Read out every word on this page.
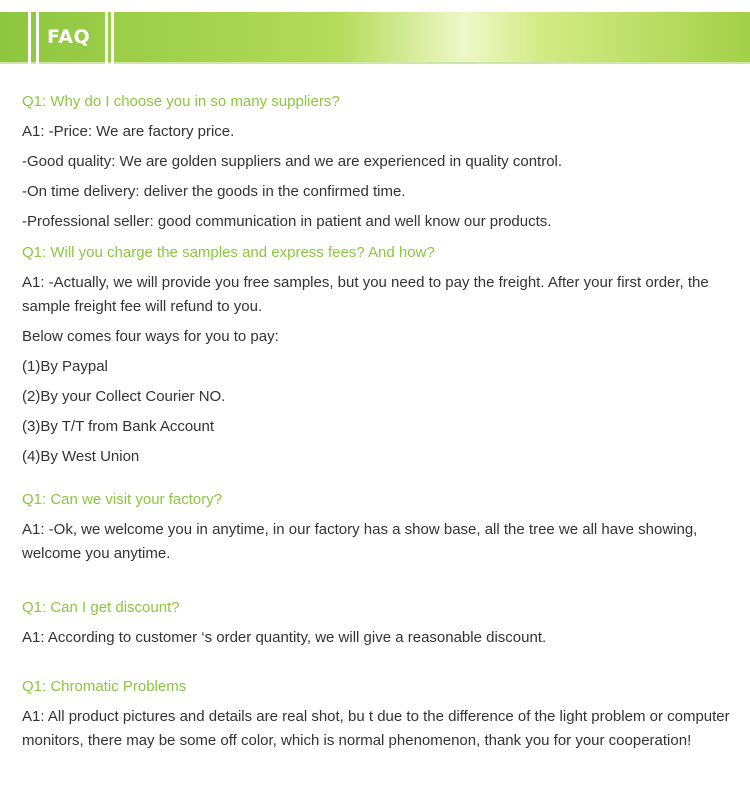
FAQ
Q1: Why do I choose you in so many suppliers?
A1: -Price: We are factory price.
-Good quality: We are golden suppliers and we are experienced in quality control.
-On time delivery: deliver the goods in the confirmed time.
-Professional seller: good communication in patient and well know our products.
Q1: Will you charge the samples and express fees? And how?
A1: -Actually, we will provide you free samples, but you need to pay the freight. After your first order, the sample freight fee will refund to you.
Below comes four ways for you to pay:
(1)By Paypal
(2)By your Collect Courier NO.
(3)By T/T from Bank Account
(4)By West Union
Q1: Can we visit your factory?
A1: -Ok, we welcome you in anytime, in our factory has a show base, all the tree we all have showing, welcome you anytime.
Q1: Can I get discount?
A1: According to customer ‘s order quantity, we will give a reasonable discount.
Q1: Chromatic Problems
A1: All product pictures and details are real shot, bu t due to the difference of the light problem or computer monitors, there may be some off color, which is normal phenomenon, thank you for your cooperation!
